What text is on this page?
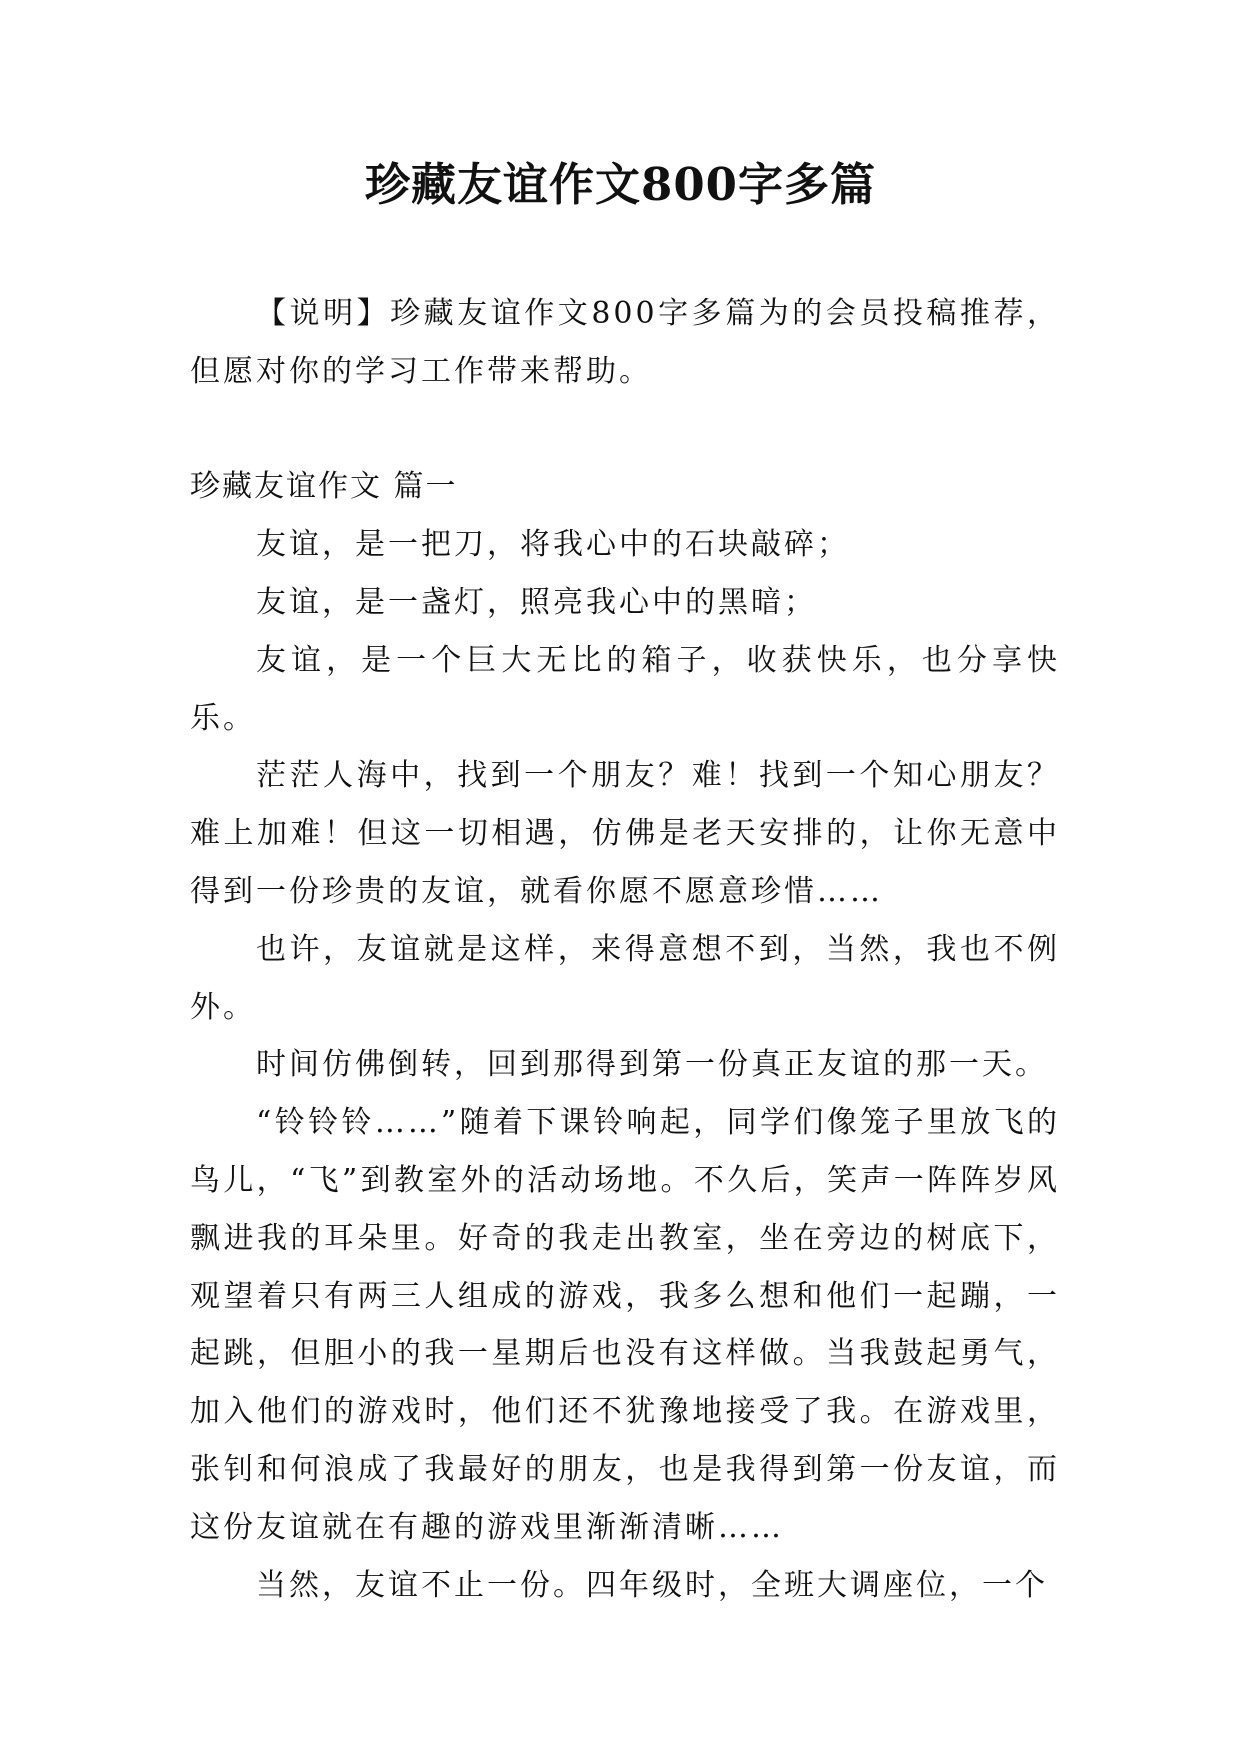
珍藏友谊作文800字多篇

【说明】珍藏友谊作文800字多篇为的会员投稿推荐，但愿对你的学习工作带来帮助。

珍藏友谊作文 篇一

友谊，是一把刀，将我心中的石块敲碎；

友谊，是一盏灯，照亮我心中的黑暗；

友谊，是一个巨大无比的箱子，收获快乐，也分享快乐。

茫茫人海中，找到一个朋友？难！找到一个知心朋友？难上加难！但这一切相遇，仿佛是老天安排的，让你无意中得到一份珍贵的友谊，就看你愿不愿意珍惜……

也许，友谊就是这样，来得意想不到，当然，我也不例外。

时间仿佛倒转，回到那得到第一份真正友谊的那一天。

“铃铃铃……”随着下课铃响起，同学们像笼子里放飞的鸟儿，“飞”到教室外的活动场地。不久后，笑声一阵阵岁风飘进我的耳朵里。好奇的我走出教室，坐在旁边的树底下，观望着只有两三人组成的游戏，我多么想和他们一起蹦，一起跳，但胆小的我一星期后也没有这样做。当我鼓起勇气，加入他们的游戏时，他们还不犹豫地接受了我。在游戏里，张钊和何浪成了我最好的朋友，也是我得到第一份友谊，而这份友谊就在有趣的游戏里渐渐清晰……

当然，友谊不止一份。四年级时，全班大调座位，一个
